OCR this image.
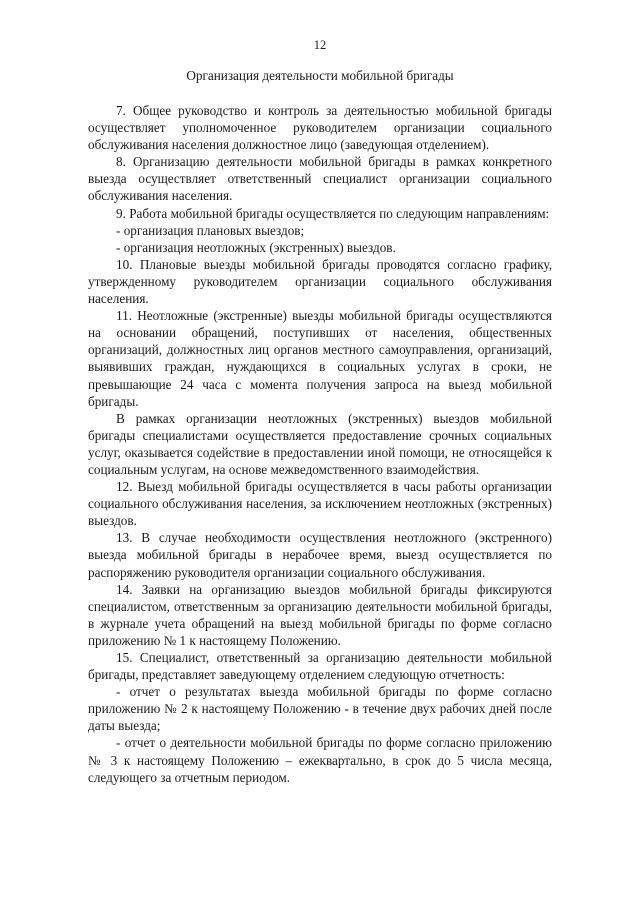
12
Организация деятельности мобильной бригады

7. Общее руководство и контроль за деятельностью мобильной бригады осуществляет уполномоченное руководителем организации социального обслуживания населения должностное лицо (заведующая отделением).

8. Организацию деятельности мобильной бригады в рамках конкретного выезда осуществляет ответственный специалист организации социального обслуживания населения.

9. Работа мобильной бригады осуществляется по следующим направлениям:

- организация плановых выездов;

- организация неотложных (экстренных) выездов.

10. Плановые выезды мобильной бригады проводятся согласно графику, утвержденному руководителем организации социального обслуживания населения.

11. Неотложные (экстренные) выезды мобильной бригады осуществляются на основании обращений, поступивших от населения, общественных организаций, должностных лиц органов местного самоуправления, организаций, выявивших граждан, нуждающихся в социальных услугах в сроки, не превышающие 24 часа с момента получения запроса на выезд мобильной бригады.

В рамках организации неотложных (экстренных) выездов мобильной бригады специалистами осуществляется предоставление срочных социальных услуг, оказывается содействие в предоставлении иной помощи, не относящейся к социальным услугам, на основе межведомственного взаимодействия.

12. Выезд мобильной бригады осуществляется в часы работы организации социального обслуживания населения, за исключением неотложных (экстренных) выездов.

13. В случае необходимости осуществления неотложного (экстренного) выезда мобильной бригады в нерабочее время, выезд осуществляется по распоряжению руководителя организации социального обслуживания.

14. Заявки на организацию выездов мобильной бригады фиксируются специалистом, ответственным за организацию деятельности мобильной бригады, в журнале учета обращений на выезд мобильной бригады по форме согласно приложению № 1 к настоящему Положению.

15. Специалист, ответственный за организацию деятельности мобильной бригады, представляет заведующему отделением следующую отчетность:

- отчет о результатах выезда мобильной бригады по форме согласно приложению № 2 к настоящему Положению - в течение двух рабочих дней после даты выезда;

- отчет о деятельности мобильной бригады по форме согласно приложению № 3 к настоящему Положению – ежеквартально, в срок до 5 числа месяца, следующего за отчетным периодом.
